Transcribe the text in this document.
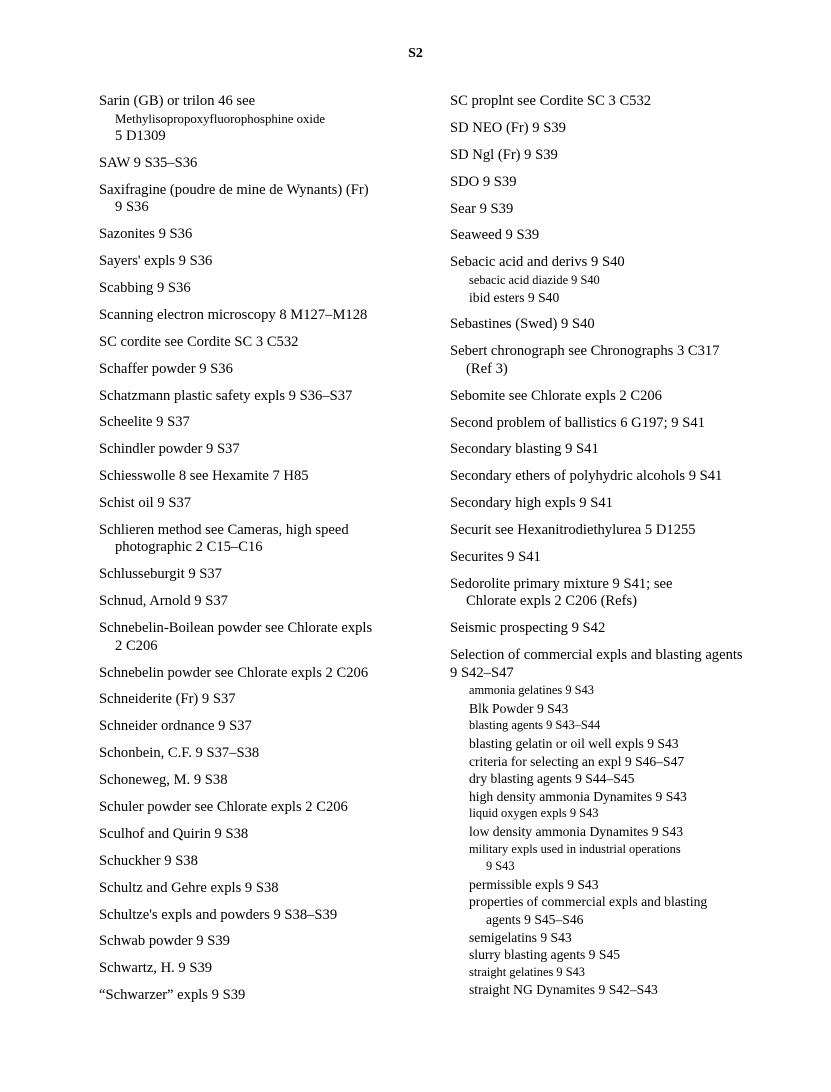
S2
Sarin (GB) or trilon 46 see
Methylisopropoxyfluorophosphine oxide
5 D1309
SAW 9 S35–S36
Saxifragine (poudre de mine de Wynants) (Fr)
9 S36
Sazonites 9 S36
Sayers' expls 9 S36
Scabbing 9 S36
Scanning electron microscopy 8 M127–M128
SC cordite see Cordite SC 3 C532
Schaffer powder 9 S36
Schatzmann plastic safety expls 9 S36–S37
Scheelite 9 S37
Schindler powder 9 S37
Schiesswolle 8 see Hexamite 7 H85
Schist oil 9 S37
Schlieren method see Cameras, high speed
photographic 2 C15–C16
Schlusseburgit 9 S37
Schnud, Arnold 9 S37
Schnebelin-Boilean powder see Chlorate expls
2 C206
Schnebelin powder see Chlorate expls 2 C206
Schneiderite (Fr) 9 S37
Schneider ordnance 9 S37
Schonbein, C.F. 9 S37–S38
Schoneweg, M. 9 S38
Schuler powder see Chlorate expls 2 C206
Sculhof and Quirin 9 S38
Schuckher 9 S38
Schultz and Gehre expls 9 S38
Schultze's expls and powders 9 S38–S39
Schwab powder 9 S39
Schwartz, H. 9 S39
“Schwarzer” expls 9 S39
SC proplnt see Cordite SC 3 C532
SD NEO (Fr) 9 S39
SD Ngl (Fr) 9 S39
SDO 9 S39
Sear 9 S39
Seaweed 9 S39
Sebacic acid and derivs 9 S40
sebacic acid diazide 9 S40
ibid esters 9 S40
Sebastines (Swed) 9 S40
Sebert chronograph see Chronographs 3 C317
(Ref 3)
Sebomite see Chlorate expls 2 C206
Second problem of ballistics 6 G197; 9 S41
Secondary blasting 9 S41
Secondary ethers of polyhydric alcohols 9 S41
Secondary high expls 9 S41
Securit see Hexanitrodiethylurea 5 D1255
Securites 9 S41
Sedorolite primary mixture 9 S41; see
Chlorate expls 2 C206 (Refs)
Seismic prospecting 9 S42
Selection of commercial expls and blasting agents
9 S42–S47
ammonia gelatines 9 S43
Blk Powder 9 S43
blasting agents 9 S43–S44
blasting gelatin or oil well expls 9 S43
criteria for selecting an expl 9 S46–S47
dry blasting agents 9 S44–S45
high density ammonia Dynamites 9 S43
liquid oxygen expls 9 S43
low density ammonia Dynamites 9 S43
military expls used in industrial operations
9 S43
permissible expls 9 S43
properties of commercial expls and blasting
agents 9 S45–S46
semigelatins 9 S43
slurry blasting agents 9 S45
straight gelatines 9 S43
straight NG Dynamites 9 S42–S43
